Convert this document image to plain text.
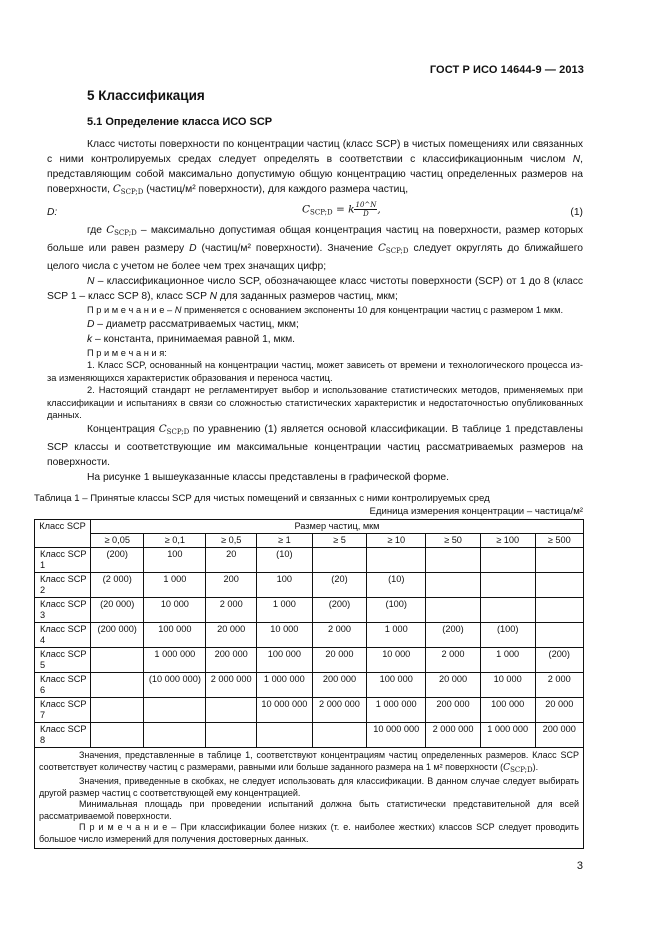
ГОСТ Р ИСО 14644-9 — 2013
5 Классификация
5.1 Определение класса ИСО SCP

Класс чистоты поверхности по концентрации частиц (класс SCP) в чистых помещениях или связанных с ними контролируемых средах следует определять в соответствии с классификационным числом N, представляющим собой максимально допустимую общую концентрацию частиц определенных размеров на поверхности, $C_{SCP;D}$ (частиц/м² поверхности), для каждого размера частиц,

D:	$C_{SCP;D} = k \frac{10\^{}N}{D}$ ,	(1)

где $C_{SCP;D}$ – максимально допустимая общая концентрация частиц на поверхности, размер которых больше или равен размеру D (частиц/м² поверхности). Значение $C_{SCP;D}$ следует округлять до ближайшего целого числа с учетом не более чем трех значащих цифр;

N – классификационное число SCP, обозначающее класс чистоты поверхности (SCP) от 1 до 8 (класс SCP 1 – класс SCP 8), класс SCP N для заданных размеров частиц, мкм;

П р и м е ч а н и е – N применяется с основанием экспоненты 10 для концентрации частиц с размером 1 мкм.

D – диаметр рассматриваемых частиц, мкм;

k – константа, принимаемая равной 1, мкм.

П р и м е ч а н и я:

1. Класс SCP, основанный на концентрации частиц, может зависеть от времени и технологического процесса из-за изменяющихся характеристик образования и переноса частиц.

2. Настоящий стандарт не регламентирует выбор и использование статистических методов, применяемых при классификации и испытаниях в связи со сложностью статистических характеристик и недостаточностью опубликованных данных.

Концентрация $C_{SCP;D}$ по уравнению (1) является основой классификации. В таблице 1 представлены SCP классы и соответствующие им максимальные концентрации частиц рассматриваемых размеров на поверхности.

На рисунке 1 вышеуказанные классы представлены в графической форме.

Таблица 1 – Принятые классы SCP для чистых помещений и связанных с ними контролируемых сред
Единица измерения концентрации – частица/м²
Класс SCP	Размер частиц, мкм								
	≥ 0,05	≥ 0,1	≥ 0,5	≥ 1	≥ 5	≥ 10	≥ 50	≥ 100	≥ 500
Класс SCP 1	(200)	100	20	(10)					
Класс SCP 2	(2 000)	1 000	200	100	(20)	(10)			
Класс SCP 3	(20 000)	10 000	2 000	1 000	(200)	(100)			
Класс SCP 4	(200 000)	100 000	20 000	10 000	2 000	1 000	(200)	(100)	
Класс SCP 5		1 000 000	200 000	100 000	20 000	10 000	2 000	1 000	(200)
Класс SCP 6		(10 000 000)	2 000 000	1 000 000	200 000	100 000	20 000	10 000	2 000
Класс SCP 7				10 000 000	2 000 000	1 000 000	200 000	100 000	20 000
Класс SCP 8						10 000 000	2 000 000	1 000 000	200 000

Значения, представленные в таблице 1, соответствуют концентрациям частиц определенных размеров. Класс SCP соответствует количеству частиц с размерами, равными или больше заданного размера на 1 м² поверхности $(C_{SCP;D})$.

Значения, приведенные в скобках, не следует использовать для классификации. В данном случае следует выбирать другой размер частиц с соответствующей ему концентрацией.

Минимальная площадь при проведении испытаний должна быть статистически представительной для всей рассматриваемой поверхности.

П р и м е ч а н и е – При классификации более низких (т. е. наиболее жестких) классов SCP следует проводить большое число измерений для получения достоверных данных.									

3
